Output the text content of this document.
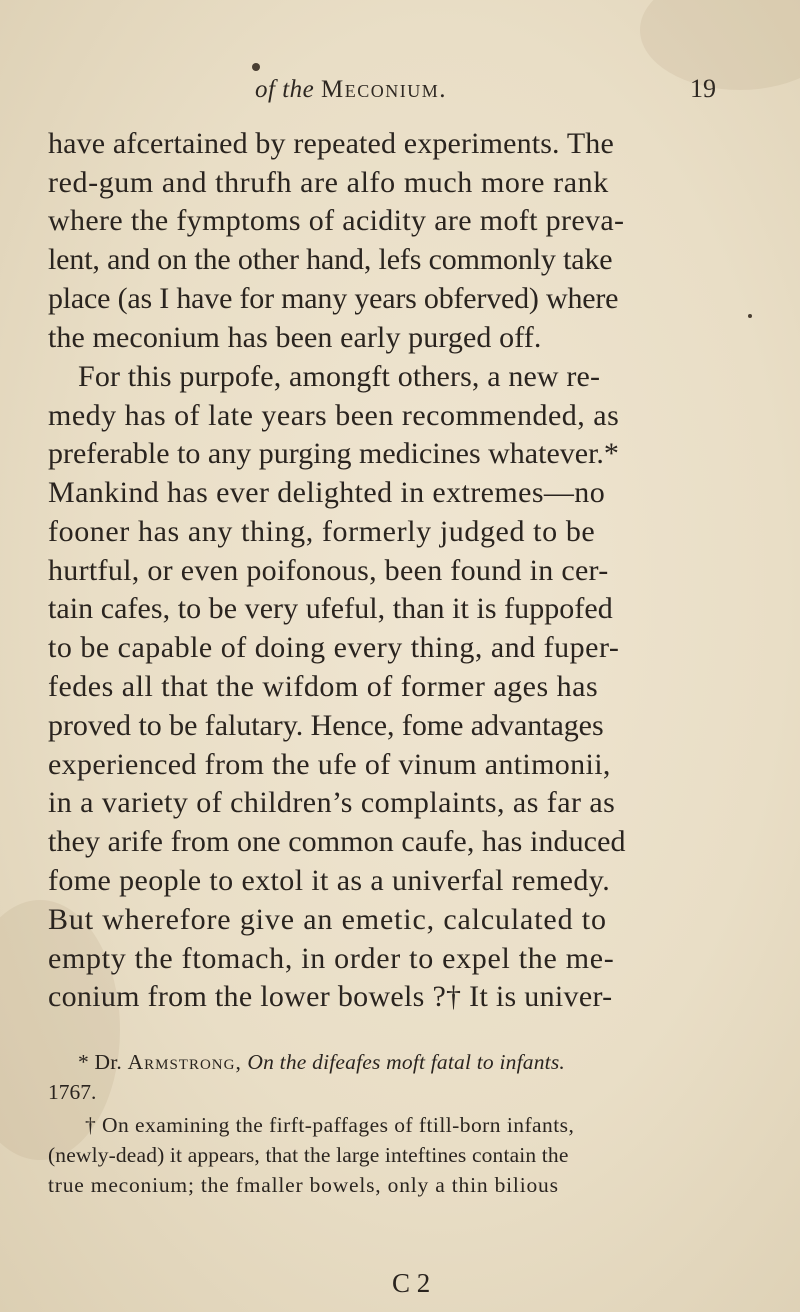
of the Meconium.	19
have afcertained by repeated experiments. The
red-gum and thrufh are alfo much more rank
where the fymptoms of acidity are moft preva-
lent, and on the other hand, lefs commonly take
place (as I have for many years obferved) where
the meconium has been early purged off.
For this purpofe, amongft others, a new re-
medy has of late years been recommended, as
preferable to any purging medicines whatever.*
Mankind has ever delighted in extremes—no
fooner has any thing, formerly judged to be
hurtful, or even poifonous, been found in cer-
tain cafes, to be very ufeful, than it is fuppofed
to be capable of doing every thing, and fuper-
fedes all that the wifdom of former ages has
proved to be falutary. Hence, fome advantages
experienced from the ufe of vinum antimonii,
in a variety of children’s complaints, as far as
they arife from one common caufe, has induced
fome people to extol it as a univerfal remedy.
But wherefore give an emetic, calculated to
empty the ftomach, in order to expel the me-
conium from the lower bowels ?† It is univer-
* Dr. Armstrong, On the difeafes moft fatal to infants.
1767.
† On examining the firft-paffages of ftill-born infants,
(newly-dead) it appears, that the large inteftines contain the
true meconium; the fmaller bowels, only a thin bilious
C 2
